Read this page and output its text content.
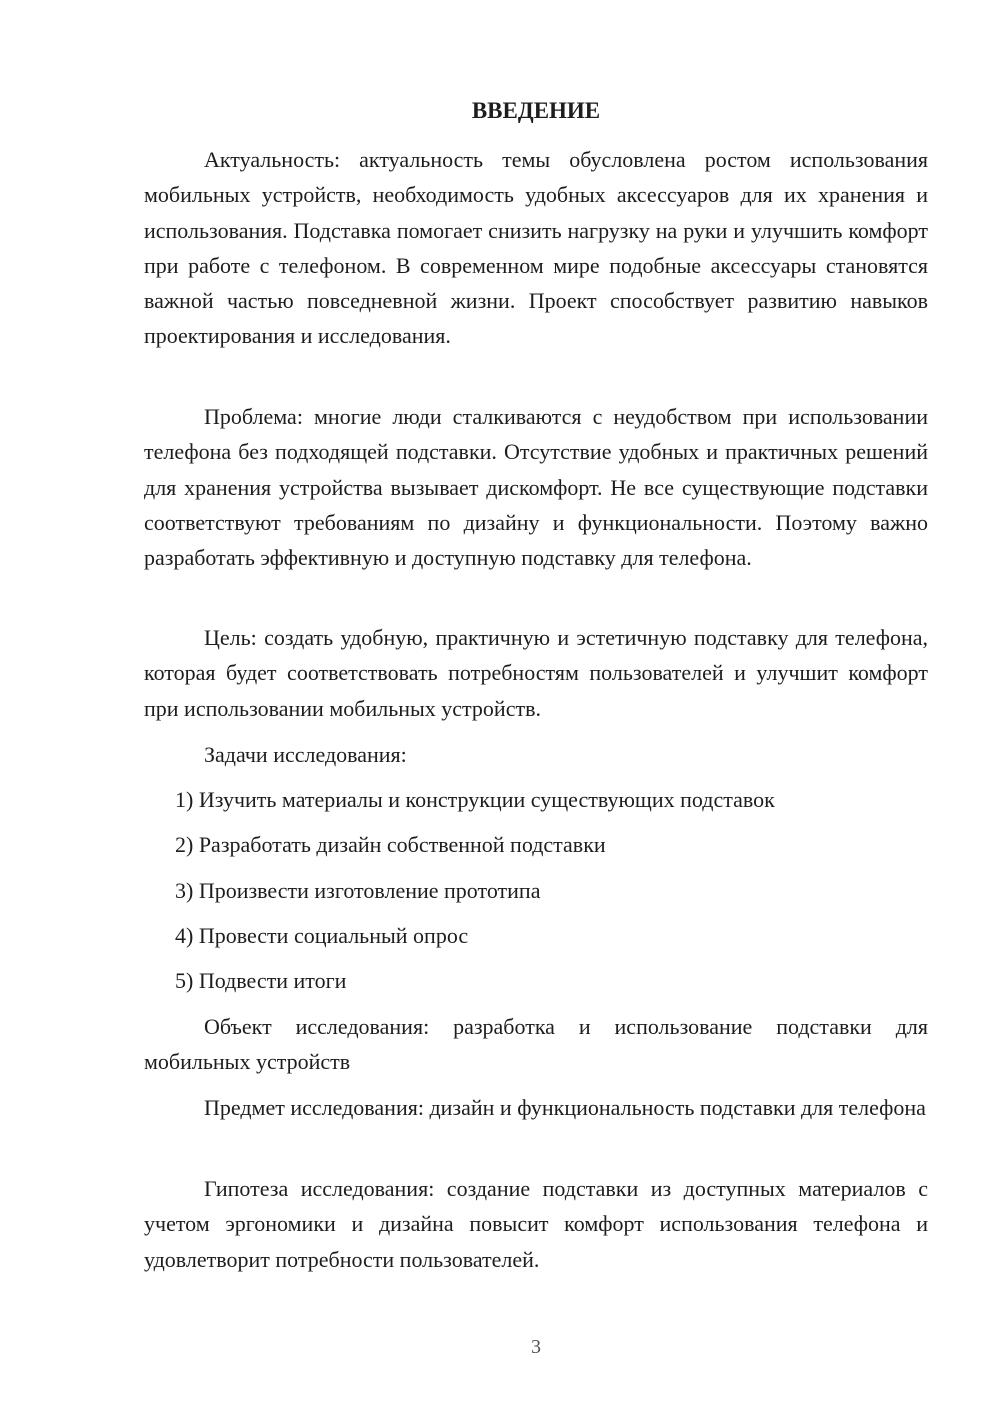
ВВЕДЕНИЕ

Актуальность: актуальность темы обусловлена ростом использования мобильных устройств, необходимость удобных аксессуаров для их хранения и использования. Подставка помогает снизить нагрузку на руки и улучшить комфорт при работе с телефоном. В современном мире подобные аксессуары становятся важной частью повседневной жизни. Проект способствует развитию навыков проектирования и исследования.

Проблема: многие люди сталкиваются с неудобством при использовании телефона без подходящей подставки. Отсутствие удобных и практичных решений для хранения устройства вызывает дискомфорт. Не все существующие подставки соответствуют требованиям по дизайну и функциональности. Поэтому важно разработать эффективную и доступную подставку для телефона.

Цель: создать удобную, практичную и эстетичную подставку для телефона, которая будет соответствовать потребностям пользователей и улучшит комфорт при использовании мобильных устройств.

Задачи исследования:
1) Изучить материалы и конструкции существующих подставок
2) Разработать дизайн собственной подставки
3) Произвести изготовление прототипа
4) Провести социальный опрос
5) Подвести итоги

Объект исследования: разработка и использование подставки для мобильных устройств

Предмет исследования: дизайн и функциональность подставки для телефона

Гипотеза исследования: создание подставки из доступных материалов с учетом эргономики и дизайна повысит комфорт использования телефона и удовлетворит потребности пользователей.

3
